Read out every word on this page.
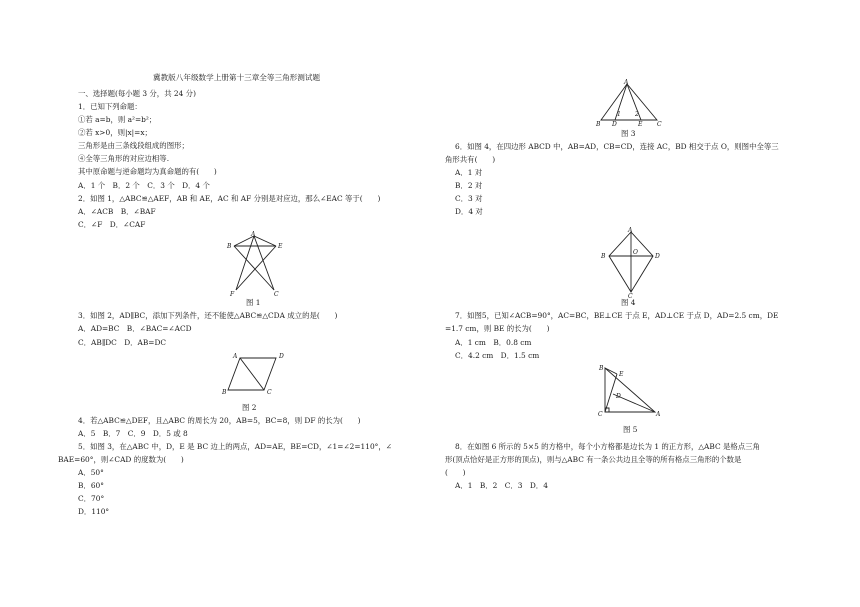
冀教版八年级数学上册第十三章全等三角形测试题
一、选择题(每小题 3 分，共 24 分)
1．已知下列命题：
①若 a=b，则 a²=b²；
②若 x>0，则|x|=x；
三角形是由三条线段组成的图形；
④全等三角形的对应边相等.
其中原命题与逆命题均为真命题的有(　　)
A．1 个　B．2 个　C．3 个　D．4 个
2．如图 1，△ABC≌△AEF，AB 和 AE，AC 和 AF 分别是对应边，那么∠EAC 等于(　　)
A．∠ACB　B．∠BAF
C．∠F　D．∠CAF
B	E
A
F	C
图 1
3．如图 2，AD∥BC，添加下列条件，还不能使△ABC≌△CDA 成立的是(　　)
A．AD=BC　B．∠BAC=∠ACD
C．AB∥DC　D．AB=DC
A	D
B	C
图 2
4．若△ABC≌△DEF，且△ABC 的周长为 20，AB=5，BC=8，则 DF 的长为(　　)
A．5　B．7　C．9　D．5 或 8
5．如图 3，在△ABC 中，D，E 是 BC 边上的两点，AD=AE，BE=CD，∠1=∠2=110°，∠
BAE=60°，则∠CAD 的度数为(　　)
A．50°
B．60°
C．70°
D．110°
A
B D	E C
1 2
图 3
6．如图 4，在四边形 ABCD 中，AB=AD，CB=CD，连接 AC，BD 相交于点 O，则图中全等三
角形共有(　　)
A．1 对
B．2 对
C．3 对
D．4 对
A
B
O
D
C
图 4
7．如图5，已知∠ACB=90°，AC=BC，BE⊥CE 于点 E，AD⊥CE 于点 D，AD=2.5 cm，DE
=1.7 cm，则 BE 的长为(　　)
A．1 cm　B．0.8 cm
C．4.2 cm　D．1.5 cm
B
E
D
C	A
图 5
8．在如图 6 所示的 5×5 的方格中，每个小方格都是边长为 1 的正方形，△ABC 是格点三角
形(顶点恰好是正方形的顶点)，则与△ABC 有一条公共边且全等的所有格点三角形的个数是
(　　)
A．1　B．2　C．3　D．4
